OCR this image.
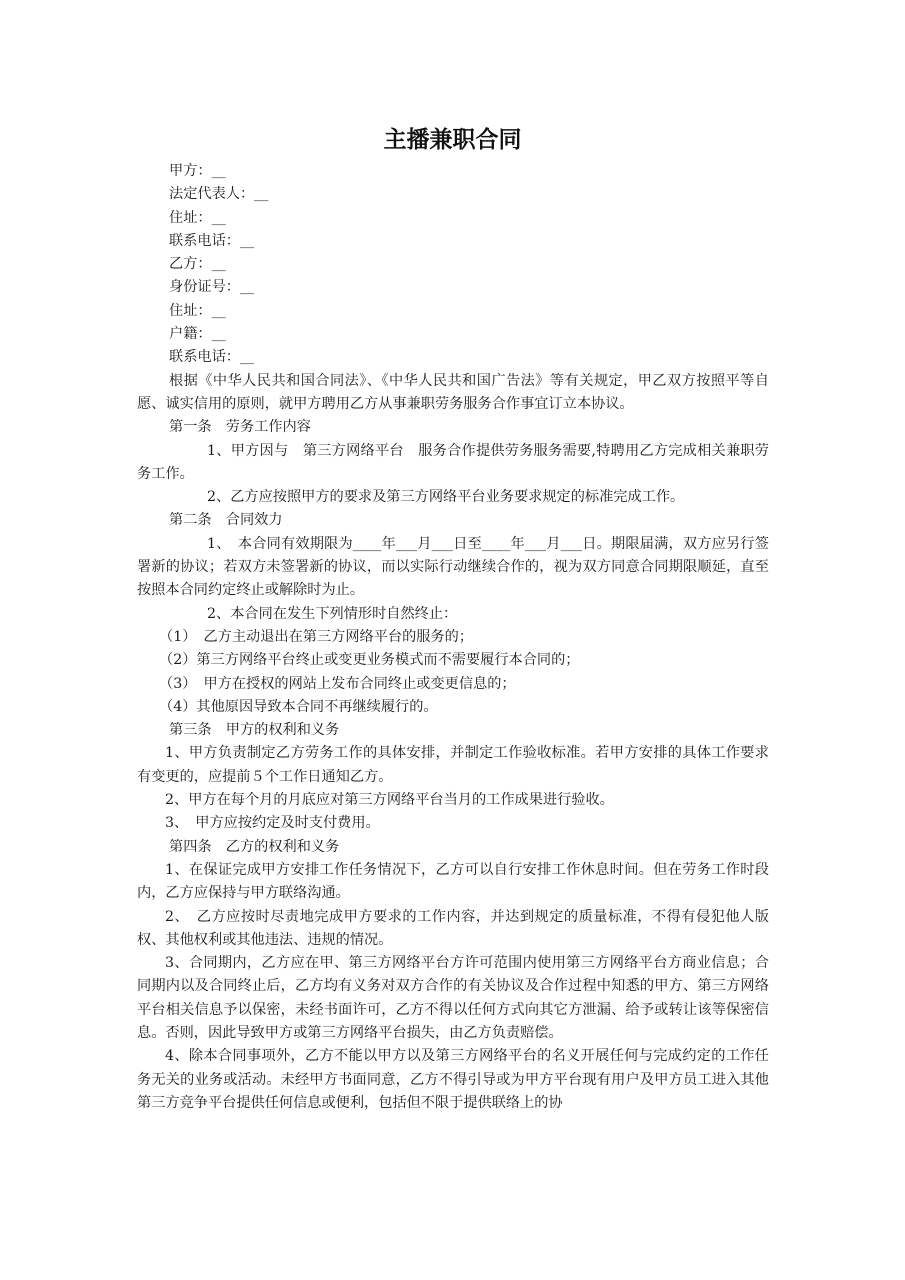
主播兼职合同
甲方：__
法定代表人：__
住址：__
联系电话：__
乙方：__
身份证号：__
住址：__
户籍：__
联系电话：__
根据《中华人民共和国合同法》、《中华人民共和国广告法》等有关规定，甲乙双方按照平等自愿、诚实信用的原则，就甲方聘用乙方从事兼职劳务服务合作事宜订立本协议。
第一条　劳务工作内容
1、甲方因与　第三方网络平台　服务合作提供劳务服务需要,特聘用乙方完成相关兼职劳务工作。
2、乙方应按照甲方的要求及第三方网络平台业务要求规定的标准完成工作。
第二条　合同效力
1、　本合同有效期限为____年___月___日至____年___月___日。期限届满，双方应另行签署新的协议；若双方未签署新的协议，而以实际行动继续合作的，视为双方同意合同期限顺延，直至按照本合同约定终止或解除时为止。
2、本合同在发生下列情形时自然终止：
（1）　乙方主动退出在第三方网络平台的服务的；
（2）第三方网络平台终止或变更业务模式而不需要履行本合同的；
（3）　甲方在授权的网站上发布合同终止或变更信息的；
（4）其他原因导致本合同不再继续履行的。
第三条　甲方的权利和义务
1、甲方负责制定乙方劳务工作的具体安排，并制定工作验收标准。若甲方安排的具体工作要求有变更的，应提前５个工作日通知乙方。
2、甲方在每个月的月底应对第三方网络平台当月的工作成果进行验收。
3、　甲方应按约定及时支付费用。
第四条　乙方的权利和义务
1、在保证完成甲方安排工作任务情况下，乙方可以自行安排工作休息时间。但在劳务工作时段内，乙方应保持与甲方联络沟通。
2、　乙方应按时尽责地完成甲方要求的工作内容，并达到规定的质量标准，不得有侵犯他人版权、其他权利或其他违法、违规的情况。
3、合同期内，乙方应在甲、第三方网络平台方许可范围内使用第三方网络平台方商业信息；合同期内以及合同终止后，乙方均有义务对双方合作的有关协议及合作过程中知悉的甲方、第三方网络平台相关信息予以保密，未经书面许可，乙方不得以任何方式向其它方泄漏、给予或转让该等保密信息。否则，因此导致甲方或第三方网络平台损失，由乙方负责赔偿。
4、除本合同事项外，乙方不能以甲方以及第三方网络平台的名义开展任何与完成约定的工作任务无关的业务或活动。未经甲方书面同意，乙方不得引导或为甲方平台现有用户及甲方员工进入其他第三方竞争平台提供任何信息或便利，包括但不限于提供联络上的协
